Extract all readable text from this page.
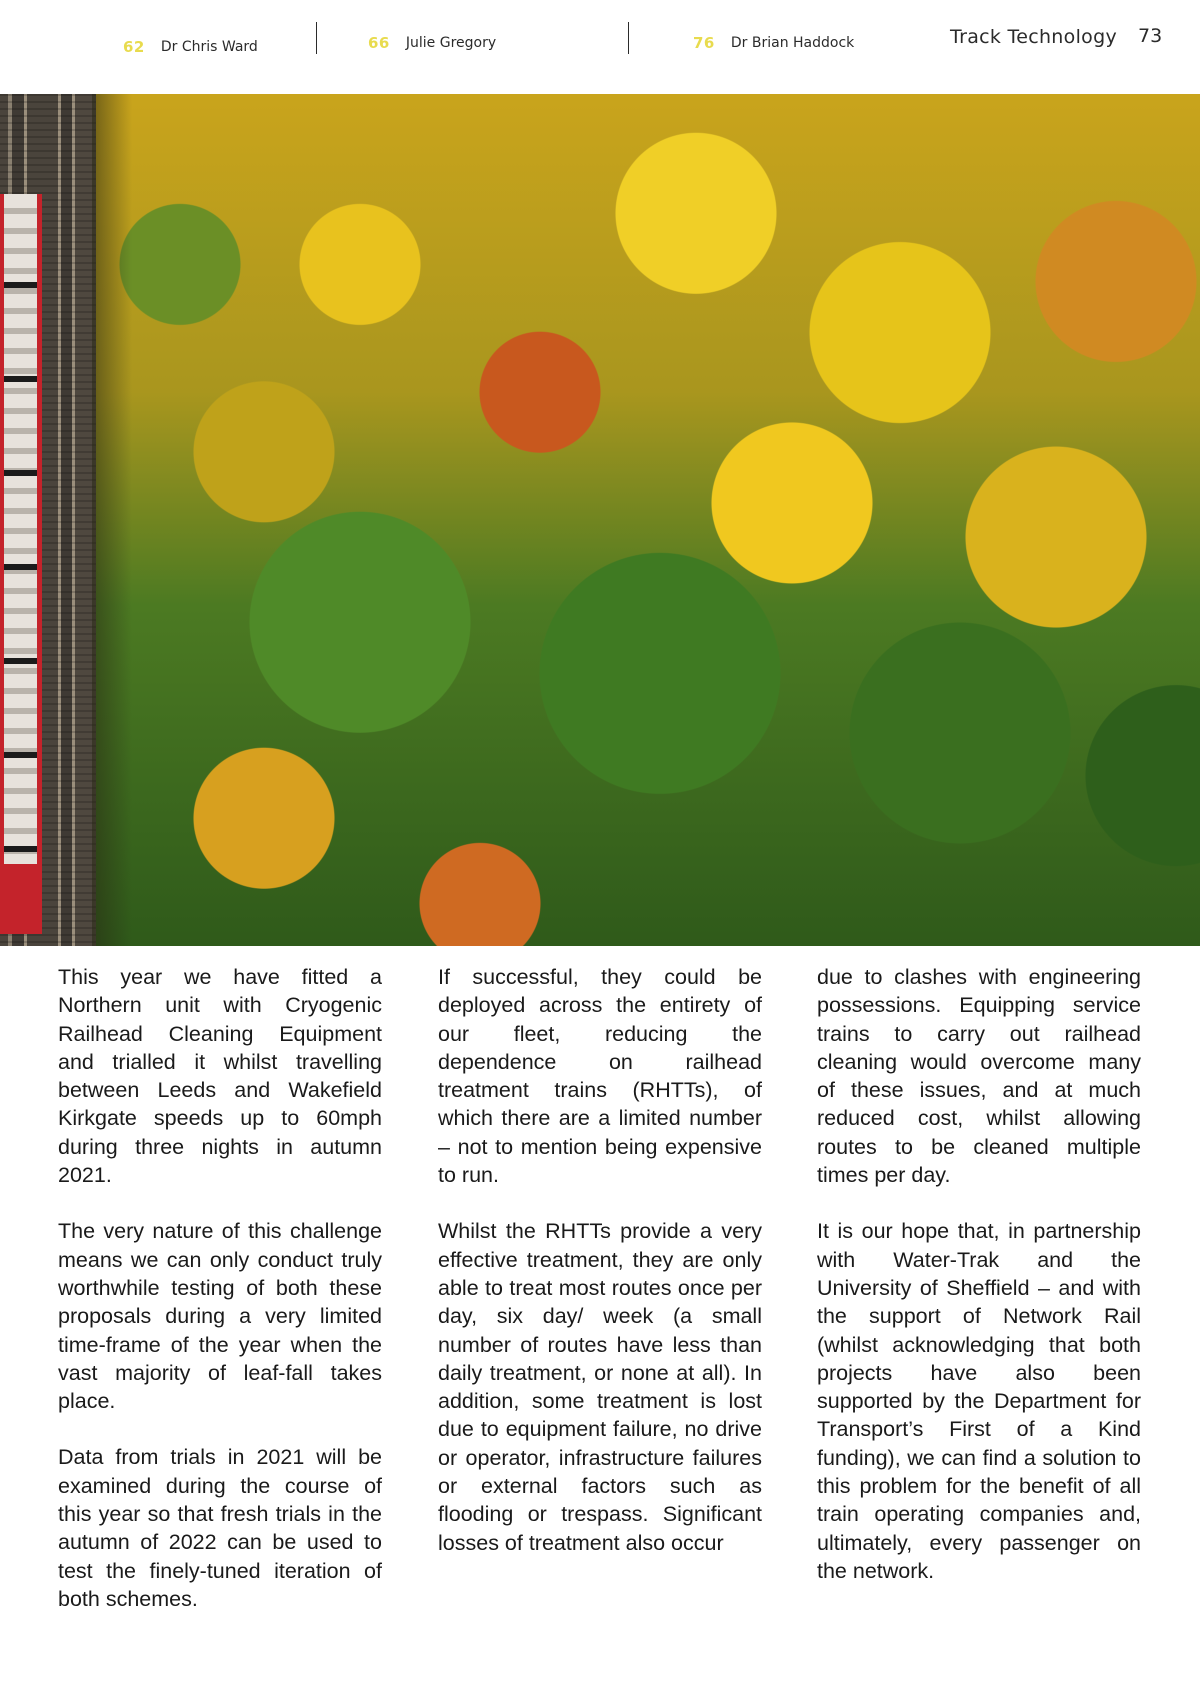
62 Dr Chris Ward	66 Julie Gregory	76 Dr Brian Haddock	Track Technology 73

This year we have fitted a Northern unit with Cryogenic Railhead Cleaning Equipment and trialled it whilst travelling between Leeds and Wakefield Kirkgate speeds up to 60mph during three nights in autumn 2021.

The very nature of this challenge means we can only conduct truly worthwhile testing of both these proposals during a very limited time-frame of the year when the vast majority of leaf-fall takes place.

Data from trials in 2021 will be examined during the course of this year so that fresh trials in the autumn of 2022 can be used to test the finely-tuned iteration of both schemes.

If successful, they could be deployed across the entirety of our fleet, reducing the dependence on railhead treatment trains (RHTTs), of which there are a limited number – not to mention being expensive to run.

Whilst the RHTTs provide a very effective treatment, they are only able to treat most routes once per day, six day/ week (a small number of routes have less than daily treatment, or none at all). In addition, some treatment is lost due to equipment failure, no drive or operator, infrastructure failures or external factors such as flooding or trespass. Significant losses of treatment also occur

due to clashes with engineering possessions. Equipping service trains to carry out railhead cleaning would overcome many of these issues, and at much reduced cost, whilst allowing routes to be cleaned multiple times per day.

It is our hope that, in partnership with Water-Trak and the University of Sheffield – and with the support of Network Rail (whilst acknowledging that both projects have also been supported by the Department for Transport’s First of a Kind funding), we can find a solution to this problem for the benefit of all train operating companies and, ultimately, every passenger on the network.
